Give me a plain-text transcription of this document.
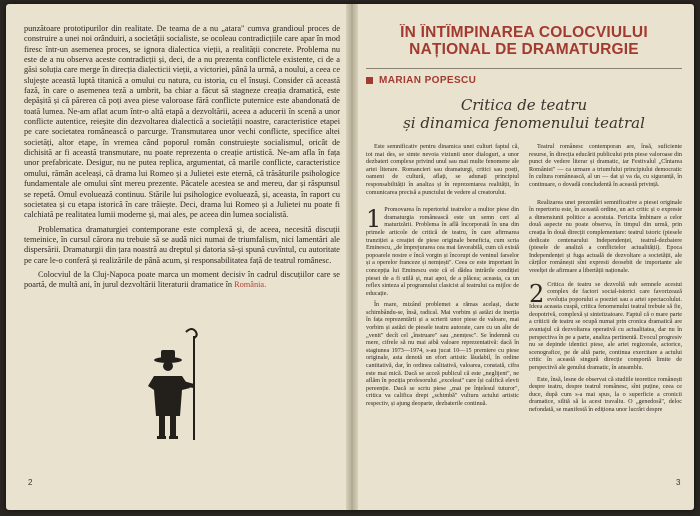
punzătoare prototipurilor din realitate. De teama de a nu „atara" cumva grandioul proces de construire a unei noi orânduiri, a societății socialiste, se ocoleau contradicțiile care apar în mod firesc într-un asemenea proces, se ignora dialectica vieții, a realității concrete. Problema nu este de a nu observa aceste contradicții și, deci, de a nu prezenta conflictele existente, ci de a găsi soluția care merge în direcția dialecticii vieții, a victoriei, până la urmă, a noului, a ceea ce slujește această luptă titanică a omului cu natura, cu istoria, cu el însuși. Consider că această fază, în care o asemenea teză a umbrit, ba chiar a făcut să stagneze creația dramatică, este depășită și că părerea că poți avea piese valoroase fără conflicte puternice este abandonată de toată lumea. Ne-am aflat acum într-o altă etapă a dezvoltării, aceea a aducerii în scenă a unor conflicte autentice, reieșite din dezvoltarea dialectică a societății noastre, caracteristice etapei pe care societatea românească o parcurge. Transmutarea unor vechi conflicte, specifice altei societăți, altor etape, în vremea când poporul român construiește socialismul, oricât de dichisită ar fi această transmutare, nu poate reprezenta o creație artistică. Ne-am afla în fața unor prefabricate. Desigur, nu ne putea replica, argumentat, că marile conflicte, caracteristice omului, rămân aceleași, că drama lui Romeo și a Julietei este eternă, că trăsăturile psihologice fundamentale ale omului sînt mereu prezente. Păcatele acestea se and mereu, dar și răspunsul se repetă. Omul evoluează continuu. Stările lui psihologice evoluează, și, aceasta, în raport cu societatea și cu etapa istorică în care trăiește. Deci, drama lui Romeo și a Julietei nu poate fi calchiată pe realitatea lumii moderne și, mai ales, pe aceea din lumea socialistă.

Problematica dramaturgiei contemporane este complexă și, de aceea, necesită discuții temeinice, în cursul cărora nu trebuie să se audă nici numai de triumfalism, nici lamentări ale dispersării. Dramaturgii din țara noastră au dreptul și datoria să-și spună cuvîntul, cu autoritate pe care le-o conferă și realizările de până acum, și responsabilitatea față de teatrul românesc.

Colocviul de la Cluj-Napoca poate marca un moment decisiv în cadrul discuțiilor care se poartă, de multă ani, în jurul dezvoltării literaturii dramatice în România.

2

ÎN ÎNTÎMPINAREA COLOCVIULUI NAȚIONAL DE DRAMATURGIE

MARIAN POPESCU
Critica de teatru
și dinamica fenomenului teatral

Este semnificativ pentru dinamica unei culturi faptul că, tot mai des, se simte nevoia viziunii unor dialoguri, a unor dezbateri complexe privind unul sau mai multe fenomene ale artei literare. Romancieri sau dramaturgi, critici sau poeți, oameni de cultură, aflați, se adunați principiul responsabilității în analiza și în reprezentarea realității, în comunicarea precisă a punctului de vedere al creatorului.

1 Promovarea în repertoriul teatrelor a multor piese din dramaturgia românească este un semn cert al maturizării. Problema în află încorporată în una din primele articole de critică de teatru, în care afirmarea tranziției a creației de piese originale beneficia, cum scria Eminescu, „de împrejurarea cea mai favorabilă, cum că există popoarele nostre e încă vorgin și încorupt de veninul farselor și a operelor franceze și nemțești". Ceea ce este important în concepția lui Eminescu este că el dădea intrările condiției piesei de a fi utilă și, mai apoi, de a plăcea; aceasta, ca un reflex sinteza al programului clasicist al teatrului ca mijloc de educație.

În mare, mizând problemei a rămas același, dacte schimbându-se, însă, radical. Mai vorbim și astăzi de inerția în fața reprezentării și a scrierii unor piese de valoare, mai vorbim și astăzi de piesele teatru autorate, care cu un alte de „venit" decît cel „înstruare" sau „nemțesc". Se îndemnă cu mere, cifrele să nu mai aibă valoare reprezentativă: dacă în stagiunea 1973—1974, s-au jucat 10—15 premiere cu piese originale, asta denotă un efort artistic lăudabil, în ordine cantitativă, dar, în ordinea calitativă, valoarea, constată, cifra este mai mică. Dacă se acceă publicul că este „neglijent", ne aflăm în poziția profesorului „exceleat" care își califică elevii pereenție. Dacă se scriu piese „mai pe înțelesul tuturor", critica va califica drept „schimbă" vulturu actului artistic respectiv, și ajung deoparte, dezbaterile continuă.

Teatrul românesc contemporan are, însă, suficiente resurse, în direcția educării publicului prin piese valoroase din punct de vedere literar și dramatic, iar Festivalul „Cîntarea României" — ca urmare a triumfului principiului democratic în cultura românească, al un — dat și va da, cu siguranță, în continuare, o dovadă concludentă în această privință.

Realizarea unei prezentări semnificative a piesei originale în repertoriu este, în această ordine, un act critic și o expresie a dimensiunii politice a acestuia. Fericita îmbinare a celor două aspecte nu poate observa, în timpul din urmă, prin creația în două direcții complementare: teatrul istoric (piesele dedicate centenarului Independenței, teatrul-dezbatere (piesele de analiză a conflictelor actualității). Epoca Independenței și fuga actuală de dezvoltare a societății, ale cărților românești sînt expresii deosebit de importante ale vreelței de afirmare a libertății naționale.

2 Critica de teatru se dezvoltă sub semnele acestui complex de factori social-istorici care favorizează evoluția poporului a poeziei sau a artei spectacolului. Ideea aceasta cuspă, critica fenomenului teatral trebuie să fie, deopotrivă, complexă și sintetizatoare. Faptul că o mare parte a criticii de teatru se ocupă numai prin cronica dramatică are avantajul că dezvoltarea operativă cu actualitatea, dar nu în perspectiva în pe a parte, analiza pertinentă. Evocul progresiv nu se depinde identici piese, ale artei regizorale, actorice, scenografice, pe de altă parte, continua exercitare a actului critic în această singură direcție comportă limite de perspectivă ale genului dramatic, în ansamblu.

Este, însă, lesne de observat că studiile teoretice românești despre teatru, despre teatrul românesc, sînt puține, ceea ce duce, după cum s-a mai spus, la o superficie a cronicii dramatice, silită să la acest travaliu. O „genedosă", deloc nefondată, se manifestă în ediționa unor lucrări despre

3
